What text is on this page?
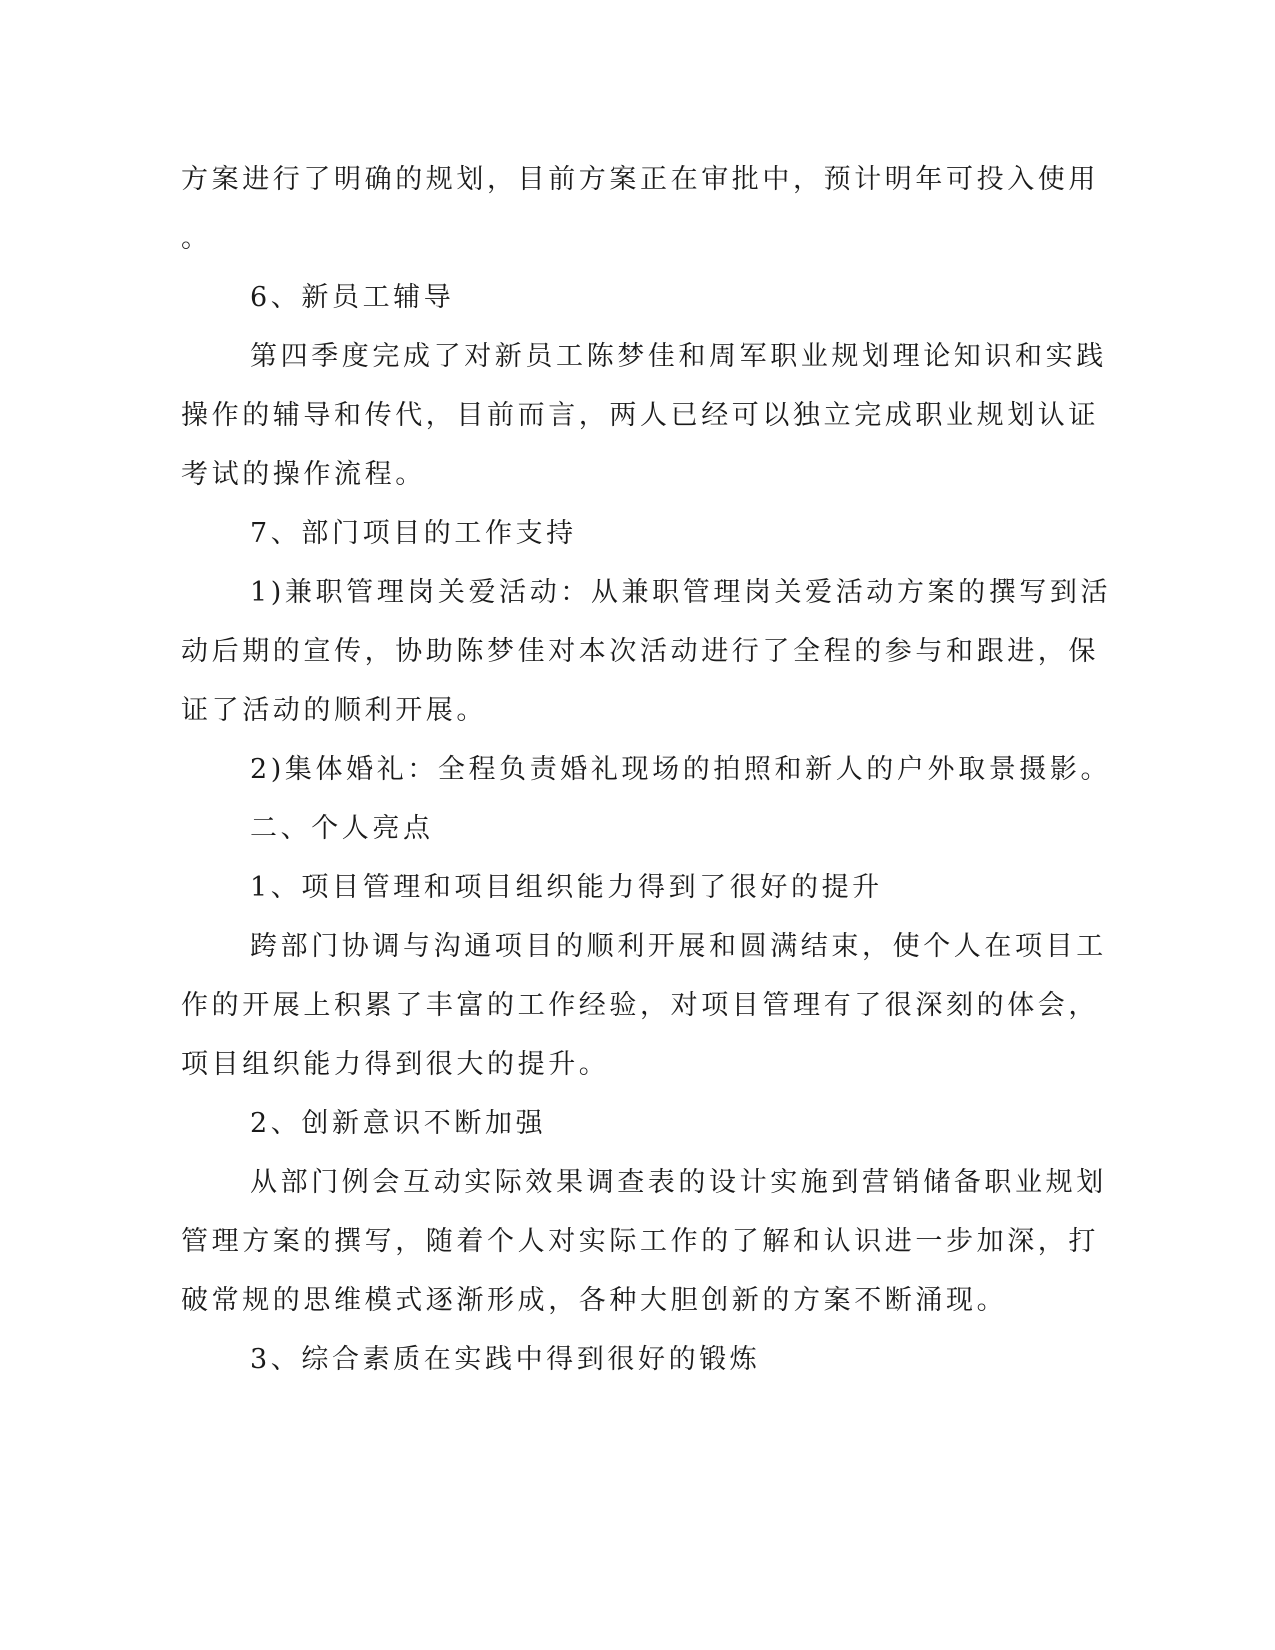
方案进行了明确的规划，目前方案正在审批中，预计明年可投入使用
。
6、新员工辅导
第四季度完成了对新员工陈梦佳和周军职业规划理论知识和实践
操作的辅导和传代，目前而言，两人已经可以独立完成职业规划认证
考试的操作流程。
7、部门项目的工作支持
1)兼职管理岗关爱活动：从兼职管理岗关爱活动方案的撰写到活
动后期的宣传，协助陈梦佳对本次活动进行了全程的参与和跟进，保
证了活动的顺利开展。
2)集体婚礼：全程负责婚礼现场的拍照和新人的户外取景摄影。
二、个人亮点
1、项目管理和项目组织能力得到了很好的提升
跨部门协调与沟通项目的顺利开展和圆满结束，使个人在项目工
作的开展上积累了丰富的工作经验，对项目管理有了很深刻的体会，
项目组织能力得到很大的提升。
2、创新意识不断加强
从部门例会互动实际效果调查表的设计实施到营销储备职业规划
管理方案的撰写，随着个人对实际工作的了解和认识进一步加深，打
破常规的思维模式逐渐形成，各种大胆创新的方案不断涌现。
3、综合素质在实践中得到很好的锻炼
